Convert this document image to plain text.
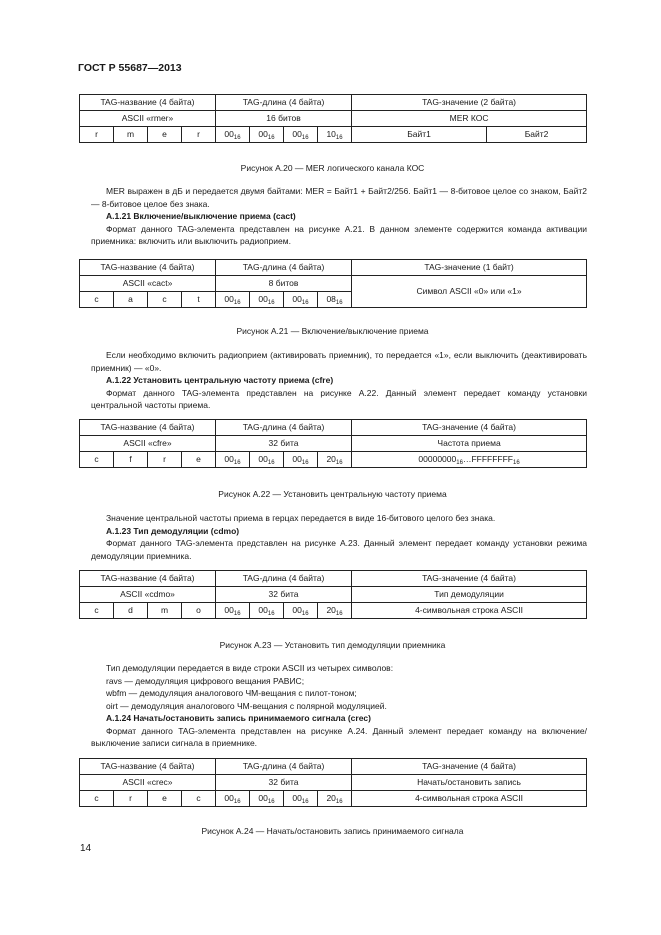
ГОСТ Р 55687—2013
TAG-название (4 байта)				TAG-длина (4 байта)				TAG-значение (2 байта)	
ASCII «rmer»				16 битов				MER КОС	
r	m	e	r	$00_{16}$	$00_{16}$	$00_{16}$	$10_{16}$	Байт1	Байт2
Рисунок А.20 — MER логического канала КОС

MER выражен в дБ и передается двумя байтами: MER = Байт1 + Байт2/256. Байт1 — 8-битовое целое со знаком, Байт2 — 8-битовое целое без знака.

А.1.21 Включение/выключение приема (cact)

Формат данного TAG-элемента представлен на рисунке А.21. В данном элементе содержится команда активации приемника: включить или выключить радиоприем.

TAG-название (4 байта)				TAG-длина (4 байта)				TAG-значение (1 байт)
ASCII «cact»				8 битов				Символ ASCII «0» или «1»
c	a	c	t	$00_{16}$	$00_{16}$	$00_{16}$	$08_{16}$
Рисунок А.21 — Включение/выключение приема

Если необходимо включить радиоприем (активировать приемник), то передается «1», если выключить (деактивировать приемник) — «0».

А.1.22 Установить центральную частоту приема (cfre)

Формат данного TAG-элемента представлен на рисунке А.22. Данный элемент передает команду установки центральной частоты приема.

TAG-название (4 байта)				TAG-длина (4 байта)				TAG-значение (4 байта)
ASCII «cfre»				32 бита				Частота приема
c	f	r	e	$00_{16}$	$00_{16}$	$00_{16}$	$20_{16}$	$00000000_{16}\dots FFFFFFFF_{16}$
Рисунок А.22 — Установить центральную частоту приема

Значение центральной частоты приема в герцах передается в виде 16-битового целого без знака.

А.1.23 Тип демодуляции (cdmo)

Формат данного TAG-элемента представлен на рисунке А.23. Данный элемент передает команду установки режима демодуляции приемника.

TAG-название (4 байта)				TAG-длина (4 байта)				TAG-значение (4 байта)
ASCII «cdmo»				32 бита				Тип демодуляции
c	d	m	o	$00_{16}$	$00_{16}$	$00_{16}$	$20_{16}$	4-символьная строка ASCII
Рисунок А.23 — Установить тип демодуляции приемника

Тип демодуляции передается в виде строки ASCII из четырех символов:

ravs — демодуляция цифрового вещания РАВИС;

wbfm — демодуляция аналогового ЧМ-вещания с пилот-тоном;

oirt — демодуляция аналогового ЧМ-вещания с полярной модуляцией.

А.1.24 Начать/остановить запись принимаемого сигнала (crec)

Формат данного TAG-элемента представлен на рисунке А.24. Данный элемент передает команду на включение/выключение записи сигнала в приемнике.

TAG-название (4 байта)				TAG-длина (4 байта)				TAG-значение (4 байта)
ASCII «crec»				32 бита				Начать/остановить запись
c	r	e	c	$00_{16}$	$00_{16}$	$00_{16}$	$20_{16}$	4-символьная строка ASCII
Рисунок А.24 — Начать/остановить запись принимаемого сигнала
14
